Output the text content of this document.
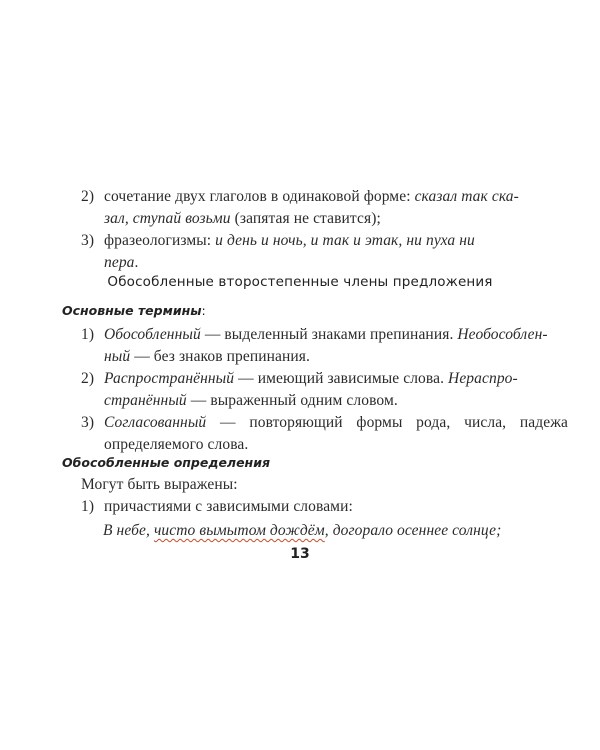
2) сочетание двух глаголов в одинаковой форме: сказал так ска-
зал, ступай возьми (запятая не ставится);
3) фразеологизмы: и день и ночь, и так и этак, ни пуха ни
пера.
Обособленные второстепенные члены предложения
Основные термины:
1) Обособленный — выделенный знаками препинания. Необособлен-
ный — без знаков препинания.
2) Распространённый — имеющий зависимые слова. Нераспро-
странённый — выраженный одним словом.
3) Согласованный — повторяющий формы рода, числа, падежа определяемого слова.
Обособленные определения
Могут быть выражены:
1) причастиями с зависимыми словами:
В небе, чисто вымытом дождём, догорало осеннее солнце;
13
